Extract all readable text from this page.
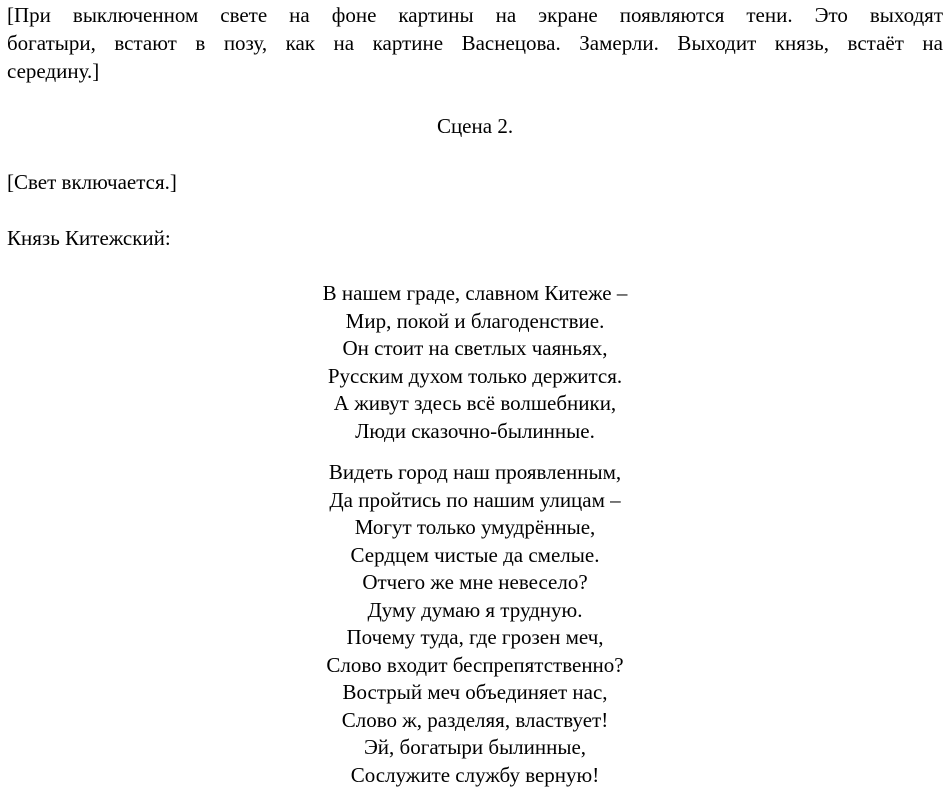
[При выключенном свете на фоне картины на экране появляются тени. Это выходят
богатыри, встают в позу, как на картине Васнецова. Замерли. Выходит князь, встаёт на
середину.]
Сцена 2.
[Свет включается.]
Князь Китежский:
В нашем граде, славном Китеже –
Мир, покой и благоденствие.
Он стоит на светлых чаяньях,
Русским духом только держится.
А живут здесь всё волшебники,
Люди сказочно-былинные.
Видеть город наш проявленным,
Да пройтись по нашим улицам –
Могут только умудрённые,
Сердцем чистые да смелые.
Отчего же мне невесело?
Думу думаю я трудную.
Почему туда, где грозен меч,
Слово входит беспрепятственно?
Вострый меч объединяет нас,
Слово ж, разделяя, властвует!
Эй, богатыри былинные,
Сослужите службу верную!
